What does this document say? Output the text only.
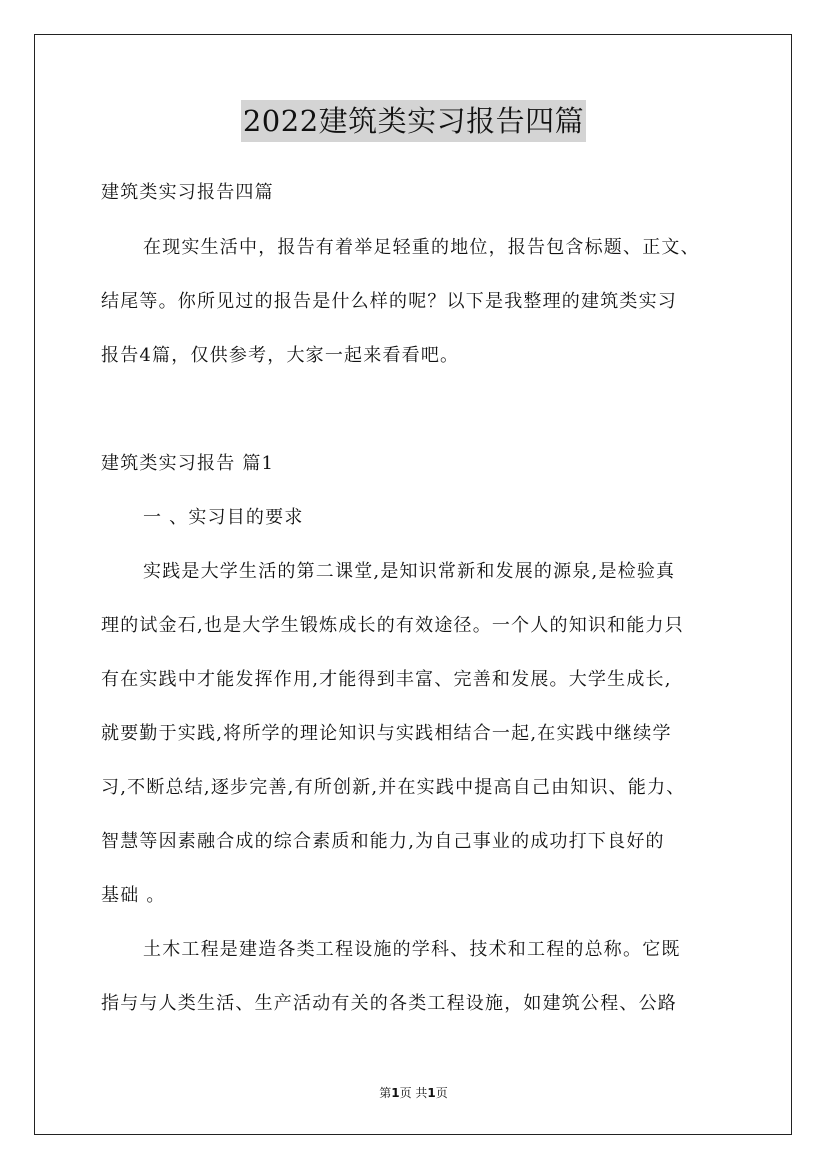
2022建筑类实习报告四篇
建筑类实习报告四篇
在现实生活中，报告有着举足轻重的地位，报告包含标题、正文、
结尾等。你所见过的报告是什么样的呢？以下是我整理的建筑类实习
报告4篇，仅供参考，大家一起来看看吧。
建筑类实习报告 篇1
一 、实习目的要求
实践是大学生活的第二课堂,是知识常新和发展的源泉,是检验真
理的试金石,也是大学生锻炼成长的有效途径。一个人的知识和能力只
有在实践中才能发挥作用,才能得到丰富、完善和发展。大学生成长,
就要勤于实践,将所学的理论知识与实践相结合一起,在实践中继续学
习,不断总结,逐步完善,有所创新,并在实践中提高自己由知识、能力、
智慧等因素融合成的综合素质和能力,为自己事业的成功打下良好的
基础 。
土木工程是建造各类工程设施的学科、技术和工程的总称。它既
指与与人类生活、生产活动有关的各类工程设施，如建筑公程、公路
第1页 共1页
